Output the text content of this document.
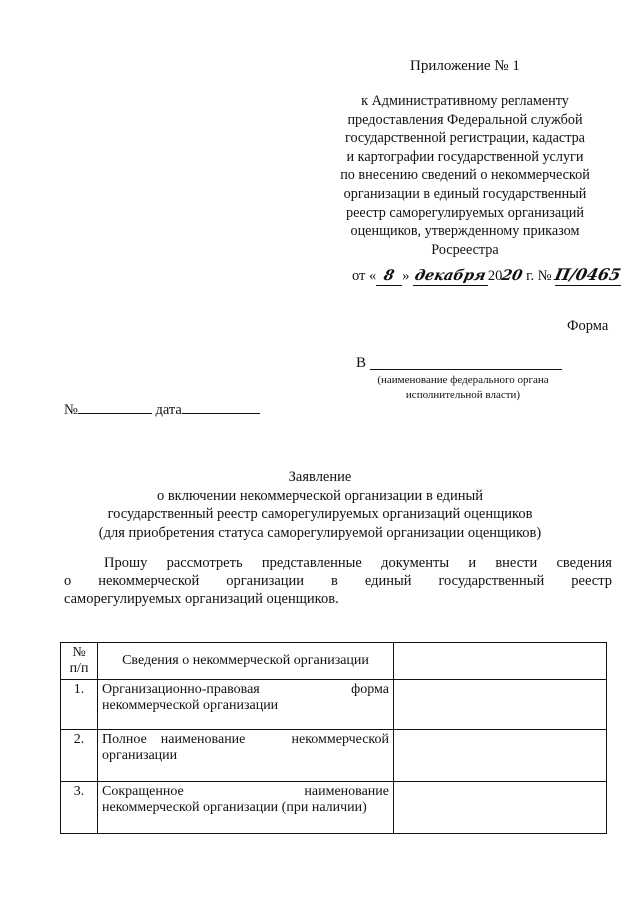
Приложение № 1
к Административному регламенту
предоставления Федеральной службой
государственной регистрации, кадастра
и картографии государственной услуги
по внесению сведений о некоммерческой
организации в единый государственный
реестр саморегулируемых организаций
оценщиков, утвержденному приказом
Росреестра
от « 8 » декабря2020 г. № П/0465
Форма
В
(наименование федерального органа
исполнительной власти)
№	дата
Заявление
о включении некоммерческой организации в единый
государственный реестр саморегулируемых организаций оценщиков
(для приобретения статуса саморегулируемой организации оценщиков)
Прошу рассмотреть представленные документы и внести сведения
о некоммерческой организации в единый государственный реестр
саморегулируемых организаций оценщиков.
№ п/п	Сведения о некоммерческой организации	
1.	Организационно-правовая форма
некоммерческой организации	

2.	Полное    наименование некоммерческой
организации	

3.	Сокращенное наименование
некоммерческой организации (при наличии)	
